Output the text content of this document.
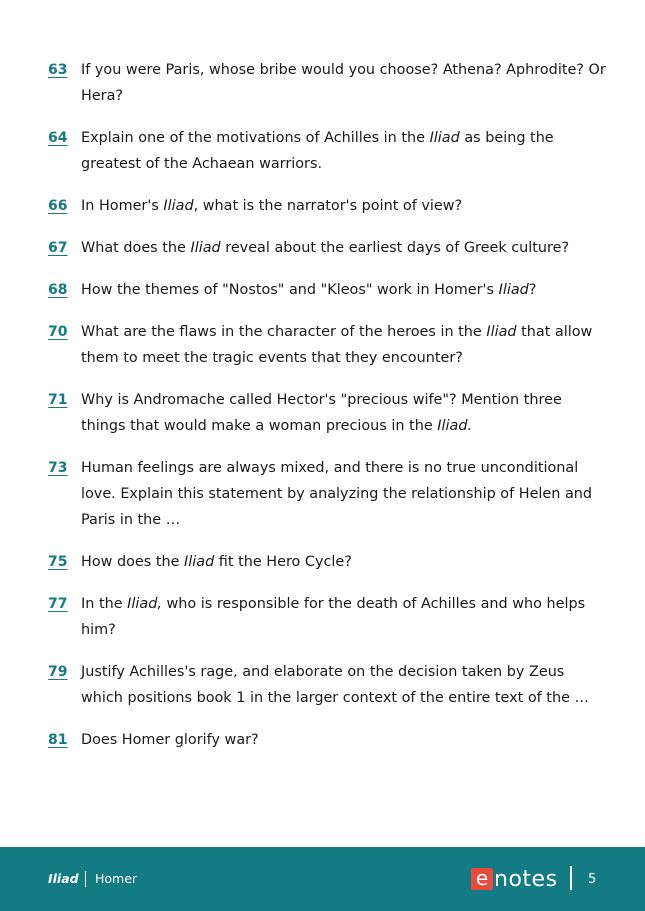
63 If you were Paris, whose bribe would you choose? Athena? Aphrodite? Or Hera?
64 Explain one of the motivations of Achilles in the Iliad as being the greatest of the Achaean warriors.
66 In Homer's Iliad, what is the narrator's point of view?
67 What does the Iliad reveal about the earliest days of Greek culture?
68 How the themes of "Nostos" and "Kleos" work in Homer's Iliad?
70 What are the flaws in the character of the heroes in the Iliad that allow them to meet the tragic events that they encounter?
71 Why is Andromache called Hector's "precious wife"? Mention three things that would make a woman precious in the Iliad.
73 Human feelings are always mixed, and there is no true unconditional love. Explain this statement by analyzing the relationship of Helen and Paris in the …
75 How does the Iliad fit the Hero Cycle?
77 In the Iliad, who is responsible for the death of Achilles and who helps him?
79 Justify Achilles's rage, and elaborate on the decision taken by Zeus which positions book 1 in the larger context of the entire text of the …
81 Does Homer glorify war?
Iliad Homer	e notes 5
